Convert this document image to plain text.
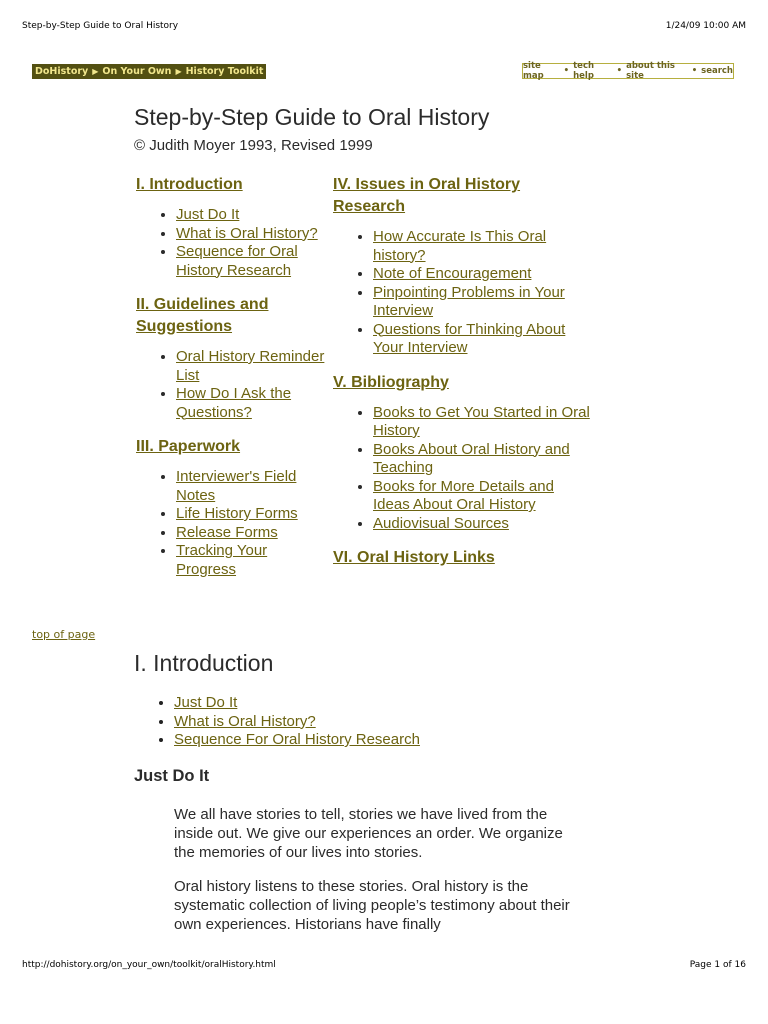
Step-by-Step Guide to Oral History	1/24/09 10:00 AM
DoHistory ▶ On Your Own ▶ History Toolkit	site map	• tech help	• about this site	• search
Step-by-Step Guide to Oral History
© Judith Moyer 1993, Revised 1999
I. Introduction
• Just Do It
• What is Oral History?
• Sequence for Oral History Research
II. Guidelines and Suggestions
• Oral History Reminder List
• How Do I Ask the Questions?
III. Paperwork
• Interviewer's Field Notes
• Life History Forms
• Release Forms
• Tracking Your Progress
IV. Issues in Oral History Research
• How Accurate Is This Oral history?
• Note of Encouragement
• Pinpointing Problems in Your Interview
• Questions for Thinking About Your Interview
V. Bibliography
• Books to Get You Started in Oral History
• Books About Oral History and Teaching
• Books for More Details and Ideas About Oral History
• Audiovisual Sources
VI. Oral History Links
top of page
I. Introduction
• Just Do It
• What is Oral History?
• Sequence For Oral History Research
Just Do It

We all have stories to tell, stories we have lived from the inside out. We give our experiences an order. We organize the memories of our lives into stories.

Oral history listens to these stories. Oral history is the systematic collection of living people’s testimony about their own experiences. Historians have finally

http://dohistory.org/on_your_own/toolkit/oralHistory.html	Page 1 of 16
